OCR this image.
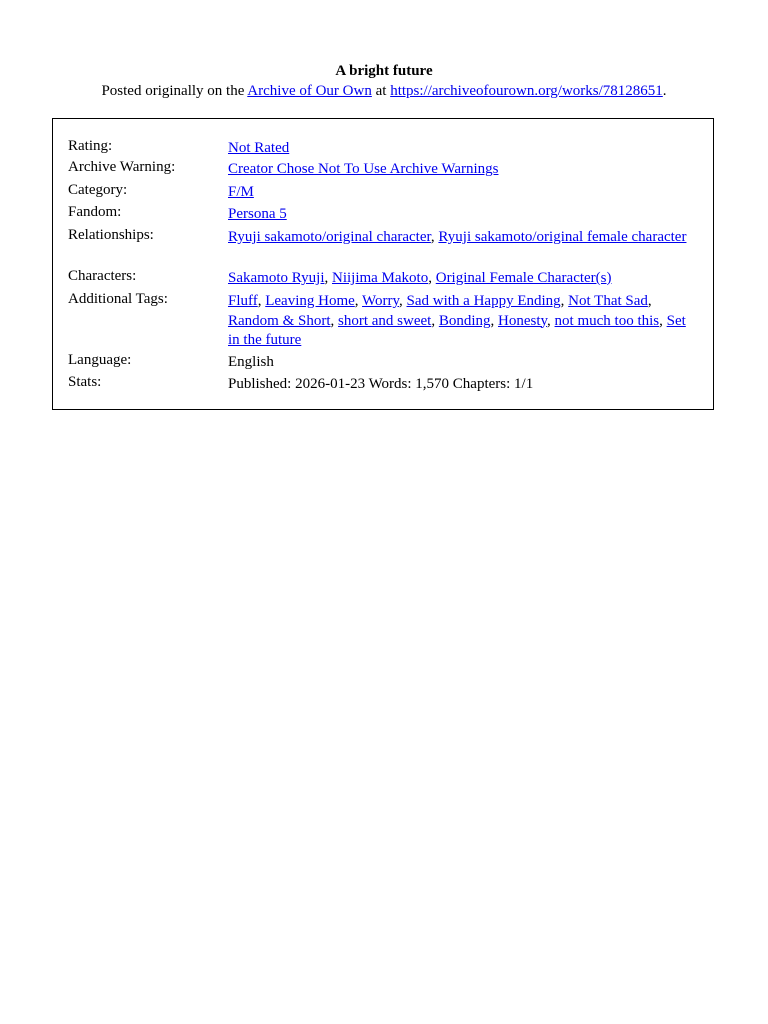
A bright future
Posted originally on the Archive of Our Own at https://archiveofourown.org/works/78128651.
Rating:	Not Rated
Archive Warning:	Creator Chose Not To Use Archive Warnings
Category:	F/M
Fandom:	Persona 5
Relationships:	Ryuji sakamoto/original character, Ryuji sakamoto/original female character
Characters:	Sakamoto Ryuji, Niijima Makoto, Original Female Character(s)
Additional Tags:	Fluff, Leaving Home, Worry, Sad with a Happy Ending, Not That Sad, Random & Short, short and sweet, Bonding, Honesty, not much too this, Set in the future
Language:	English
Stats:	Published: 2026-01-23 Words: 1,570 Chapters: 1/1
